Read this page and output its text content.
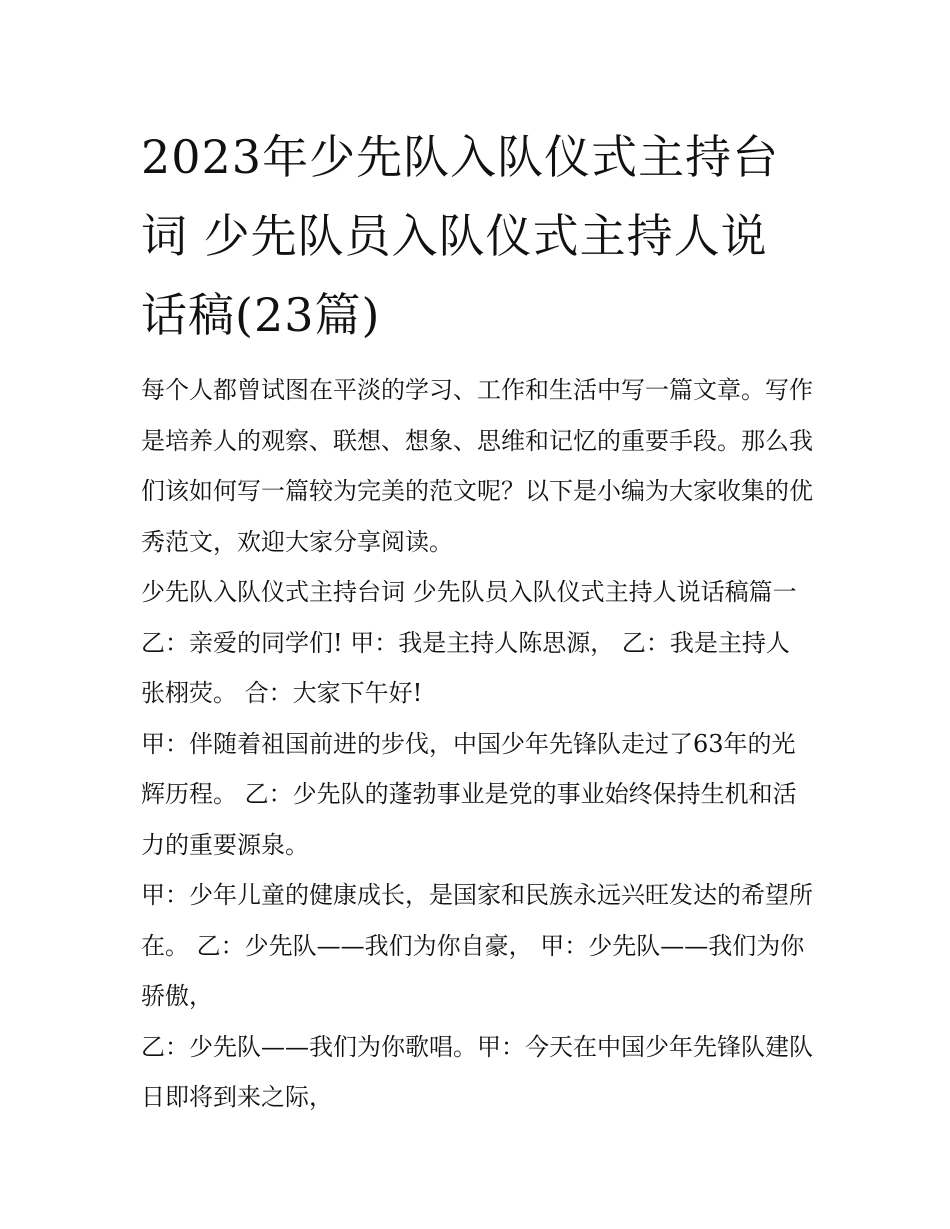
2023年少先队入队仪式主持台词 少先队员入队仪式主持人说话稿(23篇)

每个人都曾试图在平淡的学习、工作和生活中写一篇文章。写作是培养人的观察、联想、想象、思维和记忆的重要手段。那么我们该如何写一篇较为完美的范文呢？以下是小编为大家收集的优秀范文，欢迎大家分享阅读。

少先队入队仪式主持台词 少先队员入队仪式主持人说话稿篇一 乙：亲爱的同学们! 甲：我是主持人陈思源， 乙：我是主持人张栩荧。 合：大家下午好!

甲：伴随着祖国前进的步伐，中国少年先锋队走过了63年的光辉历程。 乙：少先队的蓬勃事业是党的事业始终保持生机和活力的重要源泉。

甲：少年儿童的健康成长，是国家和民族永远兴旺发达的希望所在。 乙：少先队——我们为你自豪， 甲：少先队——我们为你骄傲，

乙：少先队——我们为你歌唱。甲：今天在中国少年先锋队建队日即将到来之际，
